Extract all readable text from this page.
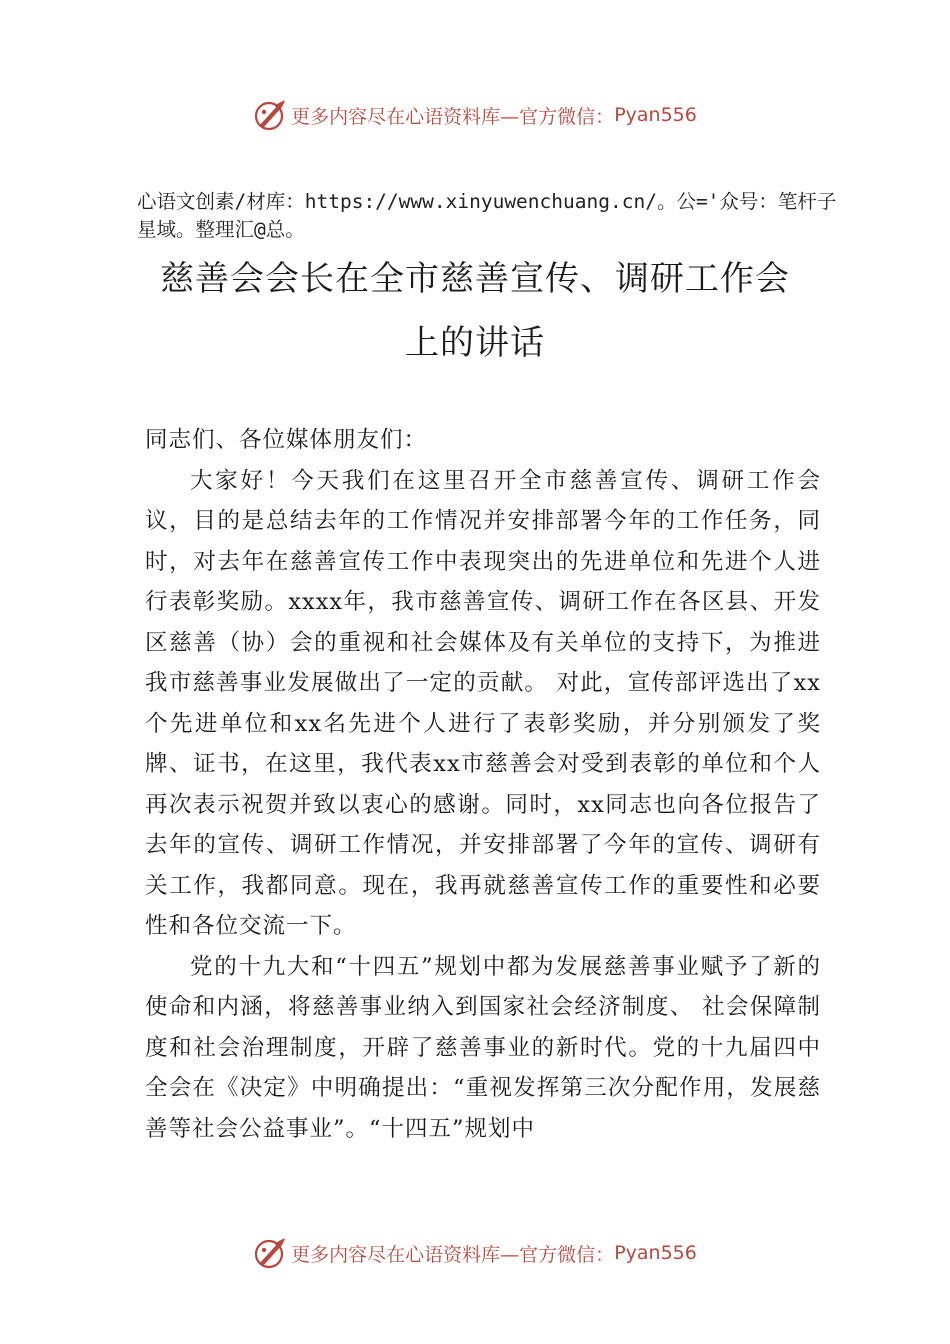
更多内容尽在心语资料库— 官方微信： Pyan556
心语文创素/材库：https://www.xinyuwenchuang.cn/。公='众号：笔杆子星域。整理汇@总。
慈善会会长在全市慈善宣传、调研工作会
上的讲话

同志们、各位媒体朋友们：

大家好！今天我们在这里召开全市慈善宣传、调研工作会议，目的是总结去年的工作情况并安排部署今年的工作任务，同时，对去年在慈善宣传工作中表现突出的先进单位和先进个人进行表彰奖励。xxxx年，我市慈善宣传、调研工作在各区县、开发区慈善（协）会的重视和社会媒体及有关单位的支持下，为推进我市慈善事业发展做出了一定的贡献。 对此，宣传部评选出了xx个先进单位和xx名先进个人进行了表彰奖励，并分别颁发了奖牌、证书，在这里，我代表xx市慈善会对受到表彰的单位和个人再次表示祝贺并致以衷心的感谢。同时，xx同志也向各位报告了去年的宣传、调研工作情况，并安排部署了今年的宣传、调研有关工作，我都同意。现在，我再就慈善宣传工作的重要性和必要性和各位交流一下。

党的十九大和“十四五”规划中都为发展慈善事业赋予了新的使命和内涵，将慈善事业纳入到国家社会经济制度、 社会保障制度和社会治理制度，开辟了慈善事业的新时代。党的十九届四中全会在《决定》中明确提出：“重视发挥第三次分配作用，发展慈善等社会公益事业”。“十四五”规划中

更多内容尽在心语资料库— 官方微信： Pyan556
